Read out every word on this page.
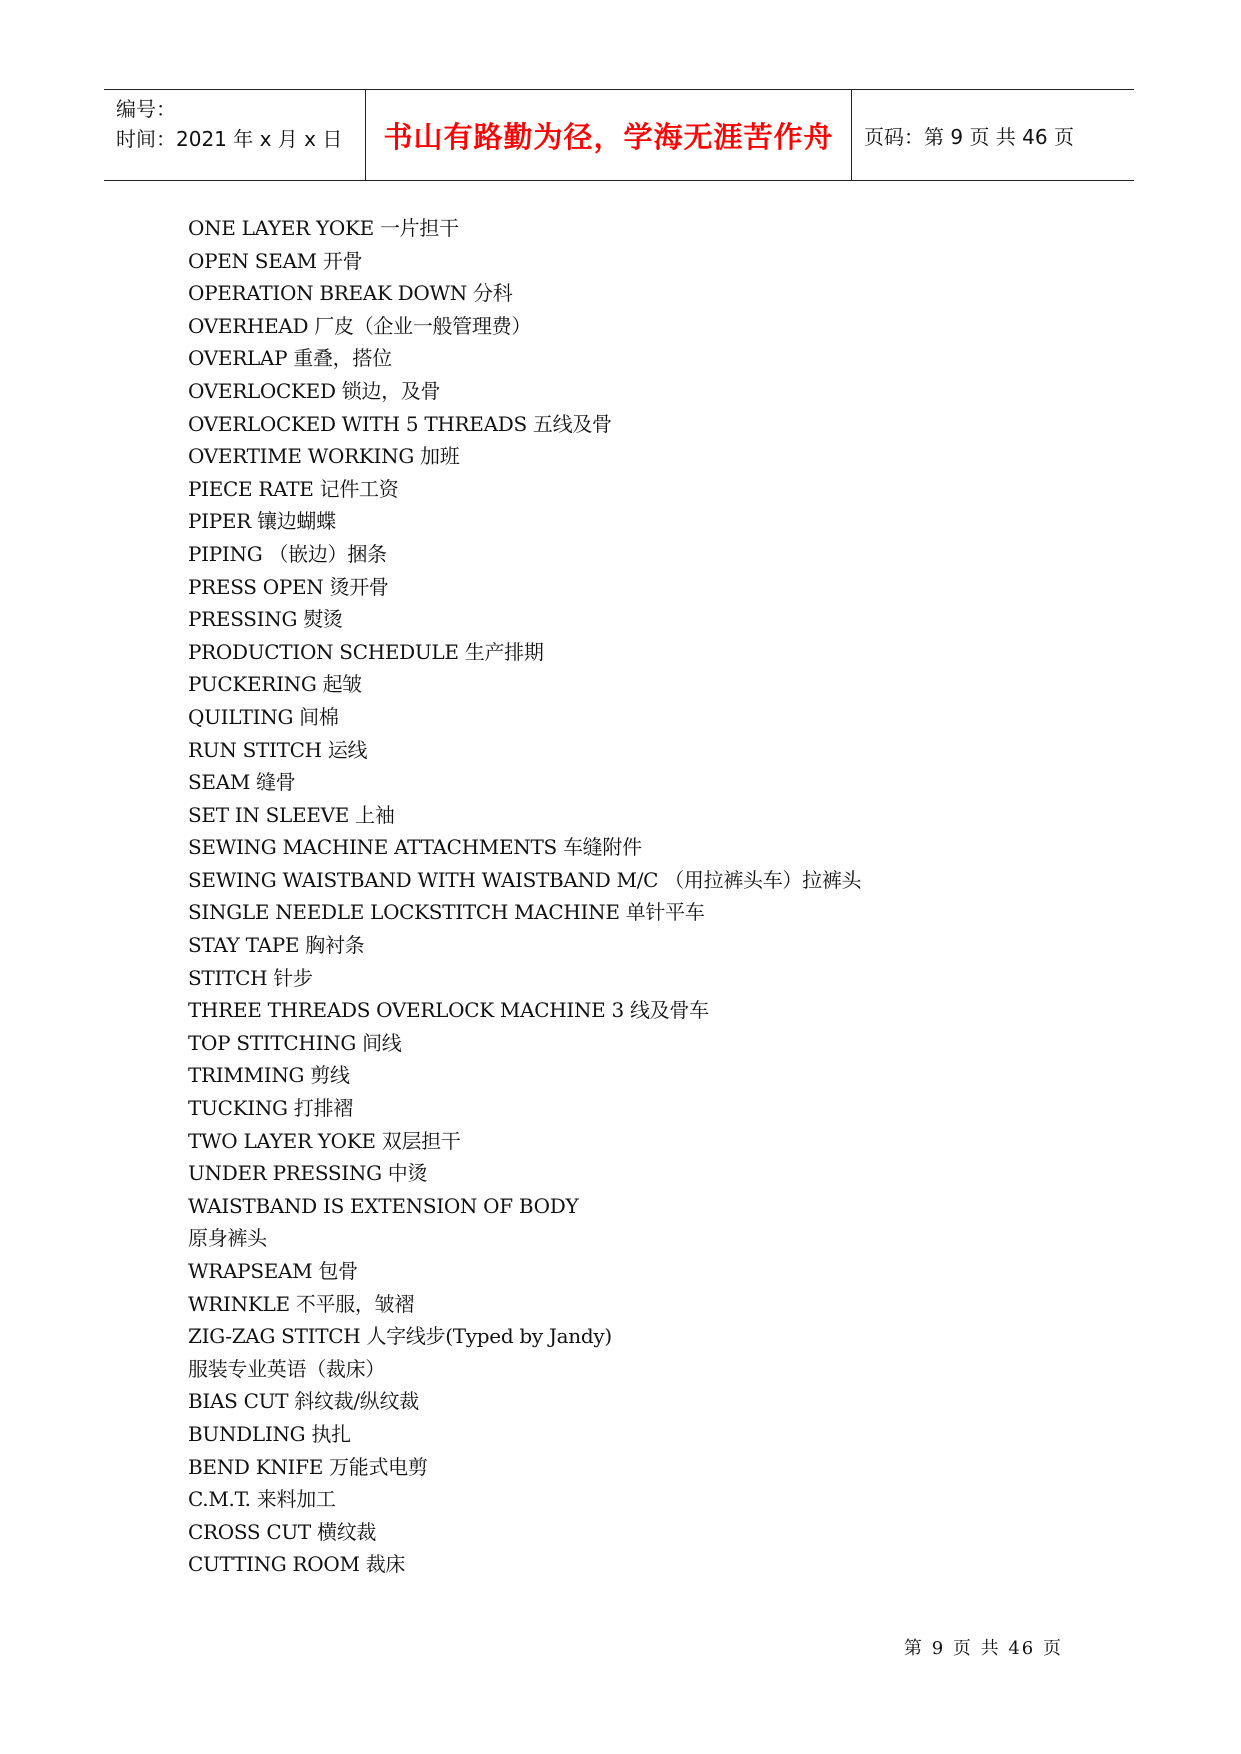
编号：
时间：2021 年 x 月 x 日	书山有路勤为径，学海无涯苦作舟	页码：第 9 页 共 46 页
ONE LAYER YOKE 一片担干
OPEN SEAM 开骨
OPERATION BREAK DOWN 分科
OVERHEAD 厂皮（企业一般管理费）
OVERLAP 重叠，搭位
OVERLOCKED 锁边，及骨
OVERLOCKED WITH 5 THREADS 五线及骨
OVERTIME WORKING 加班
PIECE RATE 记件工资
PIPER 镶边蝴蝶
PIPING （嵌边）捆条
PRESS OPEN 烫开骨
PRESSING 熨烫
PRODUCTION SCHEDULE 生产排期
PUCKERING 起皱
QUILTING 间棉
RUN STITCH 运线
SEAM 缝骨
SET IN SLEEVE 上袖
SEWING MACHINE ATTACHMENTS 车缝附件
SEWING WAISTBAND WITH WAISTBAND M/C （用拉裤头车）拉裤头
SINGLE NEEDLE LOCKSTITCH MACHINE 单针平车
STAY TAPE 胸衬条
STITCH 针步
THREE THREADS OVERLOCK MACHINE 3 线及骨车
TOP STITCHING 间线
TRIMMING 剪线
TUCKING 打排褶
TWO LAYER YOKE 双层担干
UNDER PRESSING 中烫
WAISTBAND IS EXTENSION OF BODY
原身裤头
WRAPSEAM 包骨
WRINKLE 不平服，皱褶
ZIG-ZAG STITCH 人字线步(Typed by Jandy)
服装专业英语（裁床）
BIAS CUT 斜纹裁/纵纹裁
BUNDLING 执扎
BEND KNIFE 万能式电剪
C.M.T. 来料加工
CROSS CUT 横纹裁
CUTTING ROOM 裁床
第 9 页 共 46 页
